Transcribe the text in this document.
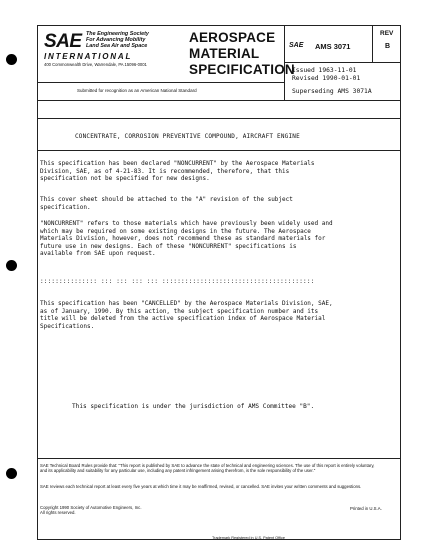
SAE The Engineering Society
For Advancing Mobility
Land Sea Air and Space
INTERNATIONAL
400 Commonwealth Drive, Warrendale, PA 15096-0001
AEROSPACE
MATERIAL
SPECIFICATION
SAE AMS 3071
REV
B
Issued 1963-11-01
Revised 1990-01-01
Superseding AMS 3071A
Submitted for recognition as an American National Standard
CONCENTRATE, CORROSION PREVENTIVE COMPOUND, AIRCRAFT ENGINE
This specification has been declared "NONCURRENT" by the Aerospace Materials
Division, SAE, as of 4-21-83. It is recommended, therefore, that this
specification not be specified for new designs.
This cover sheet should be attached to the "A" revision of the subject
specification.
"NONCURRENT" refers to those materials which have previously been widely used and
which may be required on some existing designs in the future. The Aerospace
Materials Division, however, does not recommend these as standard materials for
future use in new designs. Each of these "NONCURRENT" specifications is
available from SAE upon request.
::::::::::::::: ::: ::: ::: ::: ::::::::::::::::::::::::::::::::::::::::
This specification has been "CANCELLED" by the Aerospace Materials Division, SAE,
as of January, 1990. By this action, the subject specification number and its
title will be deleted from the active specification index of Aerospace Material
Specifications.
This specification is under the jurisdiction of AMS Committee "B".
SAE Technical Board Rules provide that: "This report is published by SAE to advance the state of technical and engineering sciences. The use of this report is entirely voluntary, and its applicability and suitability for any particular use, including any patent infringement arising therefrom, is the sole responsibility of the user."
SAE reviews each technical report at least every five years at which time it may be reaffirmed, revised, or cancelled. SAE invites your written comments and suggestions.
Copyright 1990 Society of Automotive Engineers, Inc.
All rights reserved.
Printed in U.S.A.
Trademark Registered in U.S. Patent Office
